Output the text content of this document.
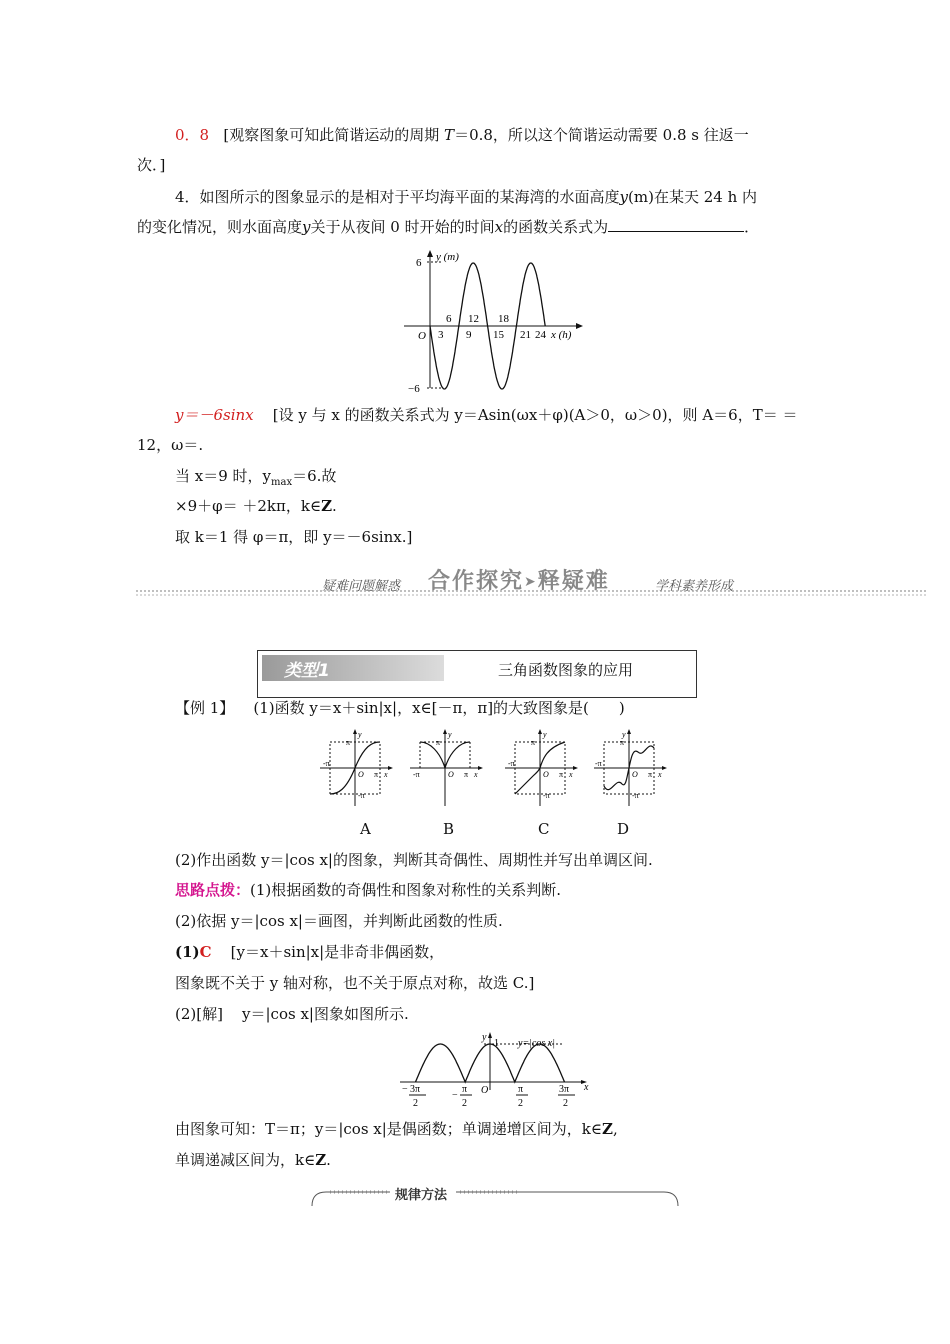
0．8 [观察图象可知此简谐运动的周期 T＝0.8，所以这个简谐运动需要 0.8 s 往返一
次．]
4．如图所示的图象显示的是相对于平均海平面的某海湾的水面高度y(m)在某天 24 h 内
的变化情况，则水面高度y关于从夜间 0 时开始的时间x的函数关系式为	．
y (m)
6
−6
O
6 12 18
3 9 15 21 24 x (h)
y＝－6sinx [设 y 与 x 的函数关系式为 y＝Asin(ωx＋φ)(A＞0，ω＞0)，则 A＝6，T＝ ＝
12，ω＝.
当 x＝9 时，$y_{max}=6$.故
×9＋φ＝ ＋2kπ，k∈Z.
取 k＝1 得 φ＝π，即 y＝－6sinx.]
疑难问题解惑 合作探究➤释疑难	学科素养形成
类型1	三角函数图象的应用
【例 1】 (1)函数 y＝x＋sin|x|，x∈[－π，π]的大致图象是(　　)
y
π
-π
O π x
-π
y
π
-π	O π x
y
π
-π
O π x
-π
y
π
-π
O π x
-π
A	B	C	D
(2)作出函数 y＝|cos x|的图象，判断其奇偶性、周期性并写出单调区间.
思路点拨：(1)根据函数的奇偶性和图象对称性的关系判断.
(2)依据 y＝|cos x|＝画图，并判断此函数的性质.
(1)C [y＝x＋sin|x|是非奇非偶函数，
图象既不关于 y 轴对称，也不关于原点对称，故选 C.]
(2)[解] y＝|cos x|图象如图所示.
y
1 y=|cos x|
O	x
− 3π
2
−
π
2
π
2
3π
2
由图象可知：T＝π；y＝|cos x|是偶函数；单调递增区间为，k∈Z,
单调递减区间为，k∈Z.
规律方法
